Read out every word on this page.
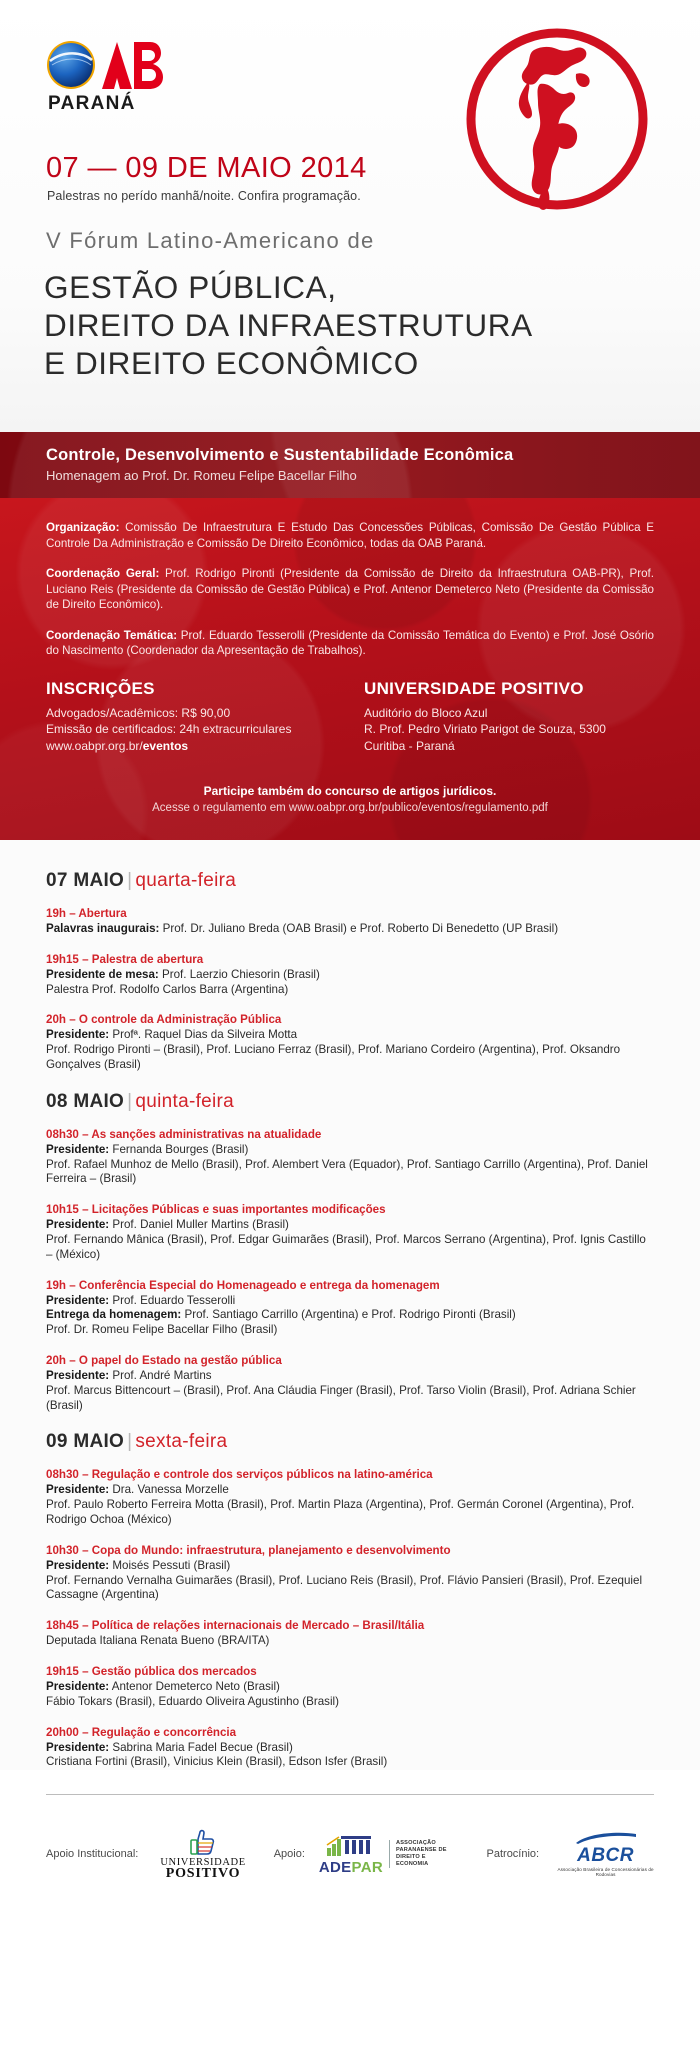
PARANÁ
07 — 09 DE MAIO 2014
Palestras no perído manhã/noite. Confira programação.
V Fórum Latino-Americano de
GESTÃO PÚBLICA,
DIREITO DA INFRAESTRUTURA
E DIREITO ECONÔMICO
Controle, Desenvolvimento e Sustentabilidade Econômica

Homenagem ao Prof. Dr. Romeu Felipe Bacellar Filho

Organização: Comissão De Infraestrutura E Estudo Das Concessões Públicas, Comissão De Gestão Pública E Controle Da Administração e Comissão De Direito Econômico, todas da OAB Paraná.
Coordenação Geral: Prof. Rodrigo Pironti (Presidente da Comissão de Direito da Infraestrutura OAB-PR), Prof. Luciano Reis (Presidente da Comissão de Gestão Pública) e Prof. Antenor Demeterco Neto (Presidente da Comissão de Direito Econômico).
Coordenação Temática: Prof. Eduardo Tesserolli (Presidente da Comissão Temática do Evento) e Prof. José Osório do Nascimento (Coordenador da Apresentação de Trabalhos).
INSCRIÇÕES

Advogados/Acadêmicos: R$ 90,00

Emissão de certificados: 24h extracurriculares

www.oabpr.org.br/eventos

UNIVERSIDADE POSITIVO

Auditório do Bloco Azul

R. Prof. Pedro Viriato Parigot de Souza, 5300

Curitiba - Paraná

Participe também do concurso de artigos jurídicos.
Acesse o regulamento em www.oabpr.org.br/publico/eventos/regulamento.pdf
07 MAIO | quarta-feira
19h – Abertura
Palavras inaugurais: Prof. Dr. Juliano Breda (OAB Brasil) e Prof. Roberto Di Benedetto (UP Brasil)
19h15 – Palestra de abertura
Presidente de mesa: Prof. Laerzio Chiesorin (Brasil)
Palestra Prof. Rodolfo Carlos Barra (Argentina)
20h – O controle da Administração Pública
Presidente: Profª. Raquel Dias da Silveira Motta
Prof. Rodrigo Pironti – (Brasil), Prof. Luciano Ferraz (Brasil), Prof. Mariano Cordeiro (Argentina), Prof. Oksandro Gonçalves (Brasil)
08 MAIO | quinta-feira
08h30 – As sanções administrativas na atualidade
Presidente: Fernanda Bourges (Brasil)
Prof. Rafael Munhoz de Mello (Brasil), Prof. Alembert Vera (Equador), Prof. Santiago Carrillo (Argentina), Prof. Daniel Ferreira – (Brasil)
10h15 – Licitações Públicas e suas importantes modificações
Presidente: Prof. Daniel Muller Martins (Brasil)
Prof. Fernando Mânica (Brasil), Prof. Edgar Guimarães (Brasil), Prof. Marcos Serrano (Argentina), Prof. Ignis Castillo – (México)
19h – Conferência Especial do Homenageado e entrega da homenagem
Presidente: Prof. Eduardo Tesserolli
Entrega da homenagem: Prof. Santiago Carrillo (Argentina) e Prof. Rodrigo Pironti (Brasil)
Prof. Dr. Romeu Felipe Bacellar Filho (Brasil)
20h – O papel do Estado na gestão pública
Presidente: Prof. André Martins
Prof. Marcus Bittencourt – (Brasil), Prof. Ana Cláudia Finger (Brasil), Prof. Tarso Violin (Brasil), Prof. Adriana Schier (Brasil)
09 MAIO | sexta-feira
08h30 – Regulação e controle dos serviços públicos na latino-américa
Presidente: Dra. Vanessa Morzelle
Prof. Paulo Roberto Ferreira Motta (Brasil), Prof. Martin Plaza (Argentina), Prof. Germán Coronel (Argentina), Prof. Rodrigo Ochoa (México)
10h30 – Copa do Mundo: infraestrutura, planejamento e desenvolvimento
Presidente: Moisés Pessuti (Brasil)
Prof. Fernando Vernalha Guimarães (Brasil), Prof. Luciano Reis (Brasil), Prof. Flávio Pansieri (Brasil), Prof. Ezequiel Cassagne (Argentina)
18h45 – Política de relações internacionais de Mercado – Brasil/Itália
Deputada Italiana Renata Bueno (BRA/ITA)
19h15 – Gestão pública dos mercados
Presidente: Antenor Demeterco Neto (Brasil)
Fábio Tokars (Brasil), Eduardo Oliveira Agustinho (Brasil)
20h00 – Regulação e concorrência
Presidente: Sabrina Maria Fadel Becue (Brasil)
Cristiana Fortini (Brasil), Vinicius Klein (Brasil), Edson Isfer (Brasil)
Apoio Institucional:
UNIVERSIDADE
POSITIVO
Apoio:
ADE PAR
ASSOCIAÇÃO PARANAENSE DE
DIREITO E ECONOMIA
Patrocínio: ABCR
Associação Brasileira de Concessionárias de Rodovias
